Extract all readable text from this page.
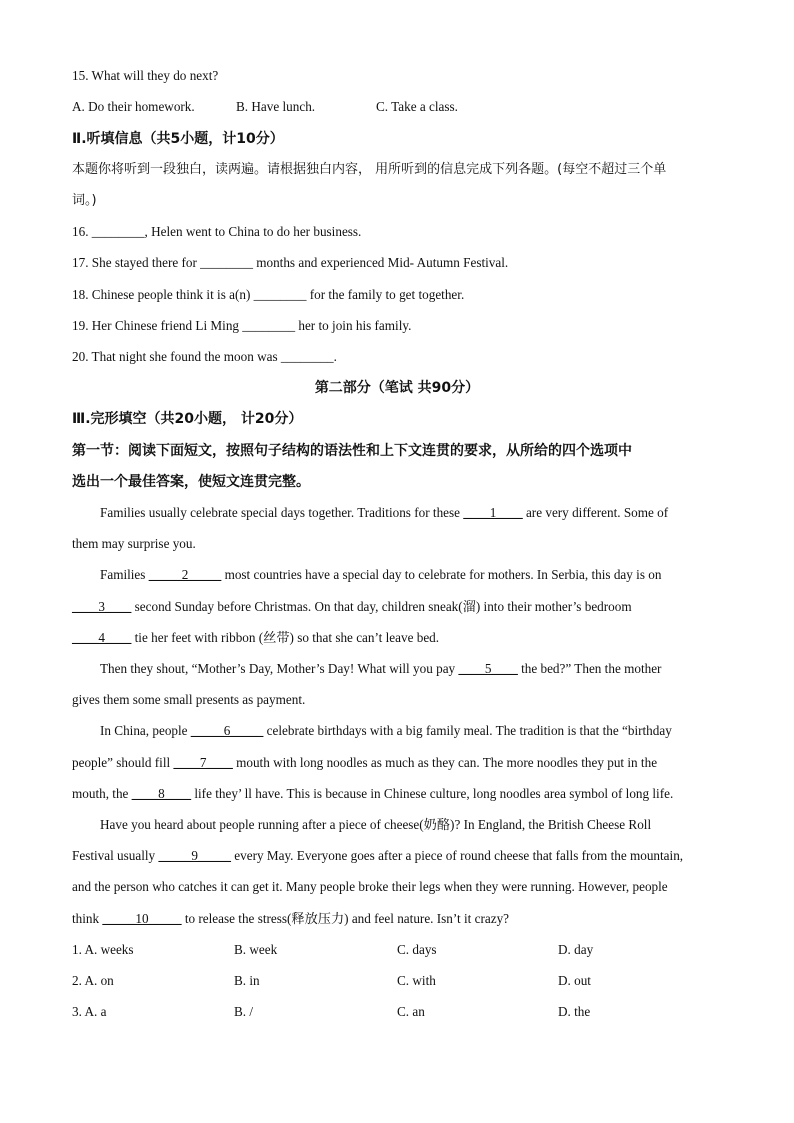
15. What will they do next?
A. Do their homework.	B. Have lunch.	C. Take a class.
Ⅱ.听填信息（共5小题，计10分）
本题你将听到一段独白，读两遍。请根据独白内容， 用所听到的信息完成下列各题。(每空不超过三个单
词。)
16. ________, Helen went to China to do her business.
17. She stayed there for ________ months and experienced Mid- Autumn Festival.
18. Chinese people think it is a(n) ________ for the family to get together.
19. Her Chinese friend Li Ming ________ her to join his family.
20. That night she found the moon was ________.
第二部分（笔试 共90分）
Ⅲ.完形填空（共20小题， 计20分）
第一节：阅读下面短文，按照句子结构的语法性和上下文连贯的要求，从所给的四个选项中
选出一个最佳答案，使短文连贯完整。
Families usually celebrate special days together. Traditions for these ____1____ are very different. Some of
them may surprise you.
Families _____2_____ most countries have a special day to celebrate for mothers. In Serbia, this day is on
____3____ second Sunday before Christmas. On that day, children sneak(溜) into their mother’s bedroom
____4____ tie her feet with ribbon (丝带) so that she can’t leave bed.
Then they shout, “Mother’s Day, Mother’s Day! What will you pay ____5____ the bed?” Then the mother
gives them some small presents as payment.
In China, people _____6_____ celebrate birthdays with a big family meal. The tradition is that the “birthday
people” should fill ____7____ mouth with long noodles as much as they can. The more noodles they put in the
mouth, the ____8____ life they’ ll have. This is because in Chinese culture, long noodles area symbol of long life.
Have you heard about people running after a piece of cheese(奶酪)? In England, the British Cheese Roll
Festival usually _____9_____ every May. Everyone goes after a piece of round cheese that falls from the mountain,
and the person who catches it can get it. Many people broke their legs when they were running. However, people
think _____10_____ to release the stress(释放压力) and feel nature. Isn’t it crazy?
1. A. weeks	B. week	C. days	D. day
2. A. on	B. in	C. with	D. out
3. A. a	B. /	C. an	D. the
